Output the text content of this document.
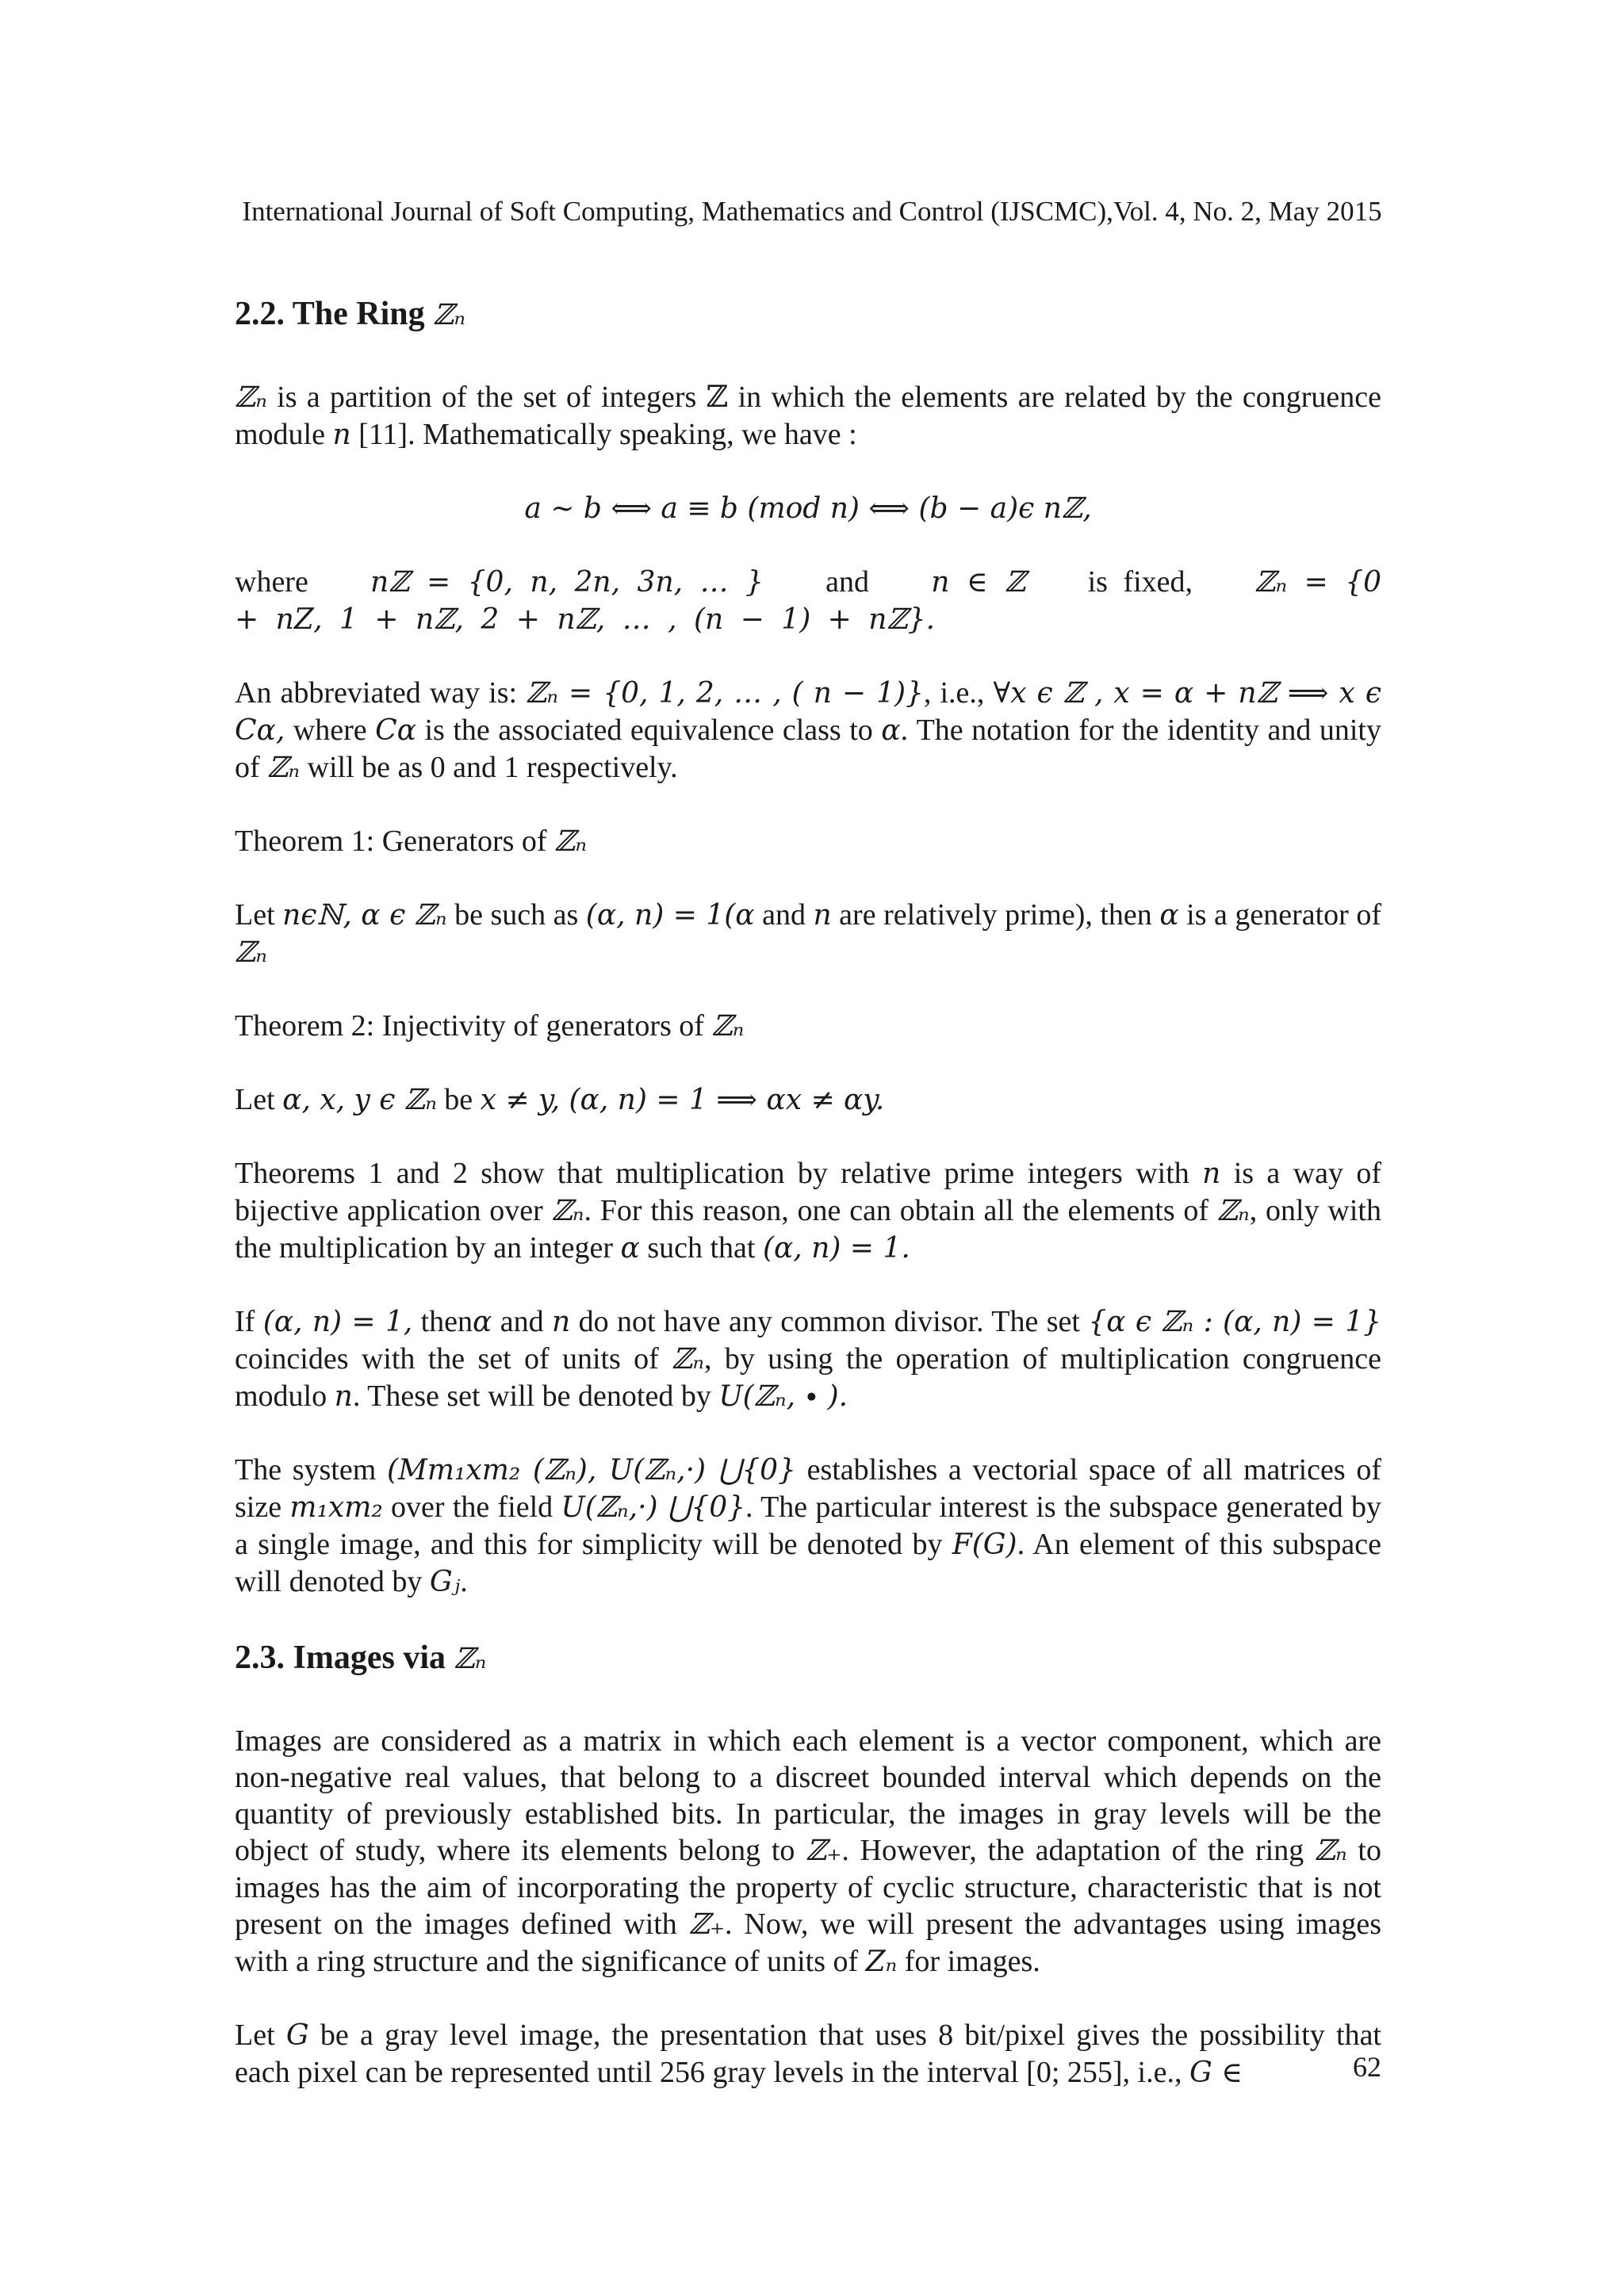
International Journal of Soft Computing, Mathematics and Control (IJSCMC),Vol. 4, No. 2, May 2015
2.2. The Ring ℤₙ

ℤₙ is a partition of the set of integers ℤ in which the elements are related by the congruence module n [11]. Mathematically speaking, we have :

a ∼ b ⟺ a ≡ b (mod n) ⟺ (b − a)ϵ nℤ,

where nℤ = {0, n, 2n, 3n, … } and n ∈ ℤ is fixed, ℤₙ = {0 + nZ, 1 + nℤ, 2 + nℤ, … , (n − 1) + nℤ}.

An abbreviated way is: ℤₙ = {0, 1, 2, … , ( n − 1)}, i.e., ∀x ϵ ℤ , x = α + nℤ ⟹ x ϵ Cα, where Cα is the associated equivalence class to α. The notation for the identity and unity of ℤₙ will be as 0 and 1 respectively.

Theorem 1: Generators of ℤₙ

Let nϵℕ, α ϵ ℤₙ be such as (α, n) = 1(α and n are relatively prime), then α is a generator of ℤₙ

Theorem 2: Injectivity of generators of ℤₙ

Let α, x, y ϵ ℤₙ be x ≠ y, (α, n) = 1 ⟹ αx ≠ αy.

Theorems 1 and 2 show that multiplication by relative prime integers with n is a way of bijective application over ℤₙ. For this reason, one can obtain all the elements of ℤₙ, only with the multiplication by an integer α such that (α, n) = 1.

If (α, n) = 1, thenα and n do not have any common divisor. The set {α ϵ ℤₙ : (α, n) = 1} coincides with the set of units of ℤₙ, by using the operation of multiplication congruence modulo n. These set will be denoted by U(ℤₙ, ∙ ).

The system (Mm₁xm₂ (ℤₙ), U(ℤₙ,·) ⋃{0} establishes a vectorial space of all matrices of size m₁xm₂ over the field U(ℤₙ,·) ⋃{0}. The particular interest is the subspace generated by a single image, and this for simplicity will be denoted by F(G). An element of this subspace will denoted by Gⱼ.

2.3. Images via ℤₙ

Images are considered as a matrix in which each element is a vector component, which are non-negative real values, that belong to a discreet bounded interval which depends on the quantity of previously established bits. In particular, the images in gray levels will be the object of study, where its elements belong to ℤ₊. However, the adaptation of the ring ℤₙ to images has the aim of incorporating the property of cyclic structure, characteristic that is not present on the images defined with ℤ₊. Now, we will present the advantages using images with a ring structure and the significance of units of Zₙ for images.

Let G be a gray level image, the presentation that uses 8 bit/pixel gives the possibility that each pixel can be represented until 256 gray levels in the interval [0; 255], i.e., G ∈	62
